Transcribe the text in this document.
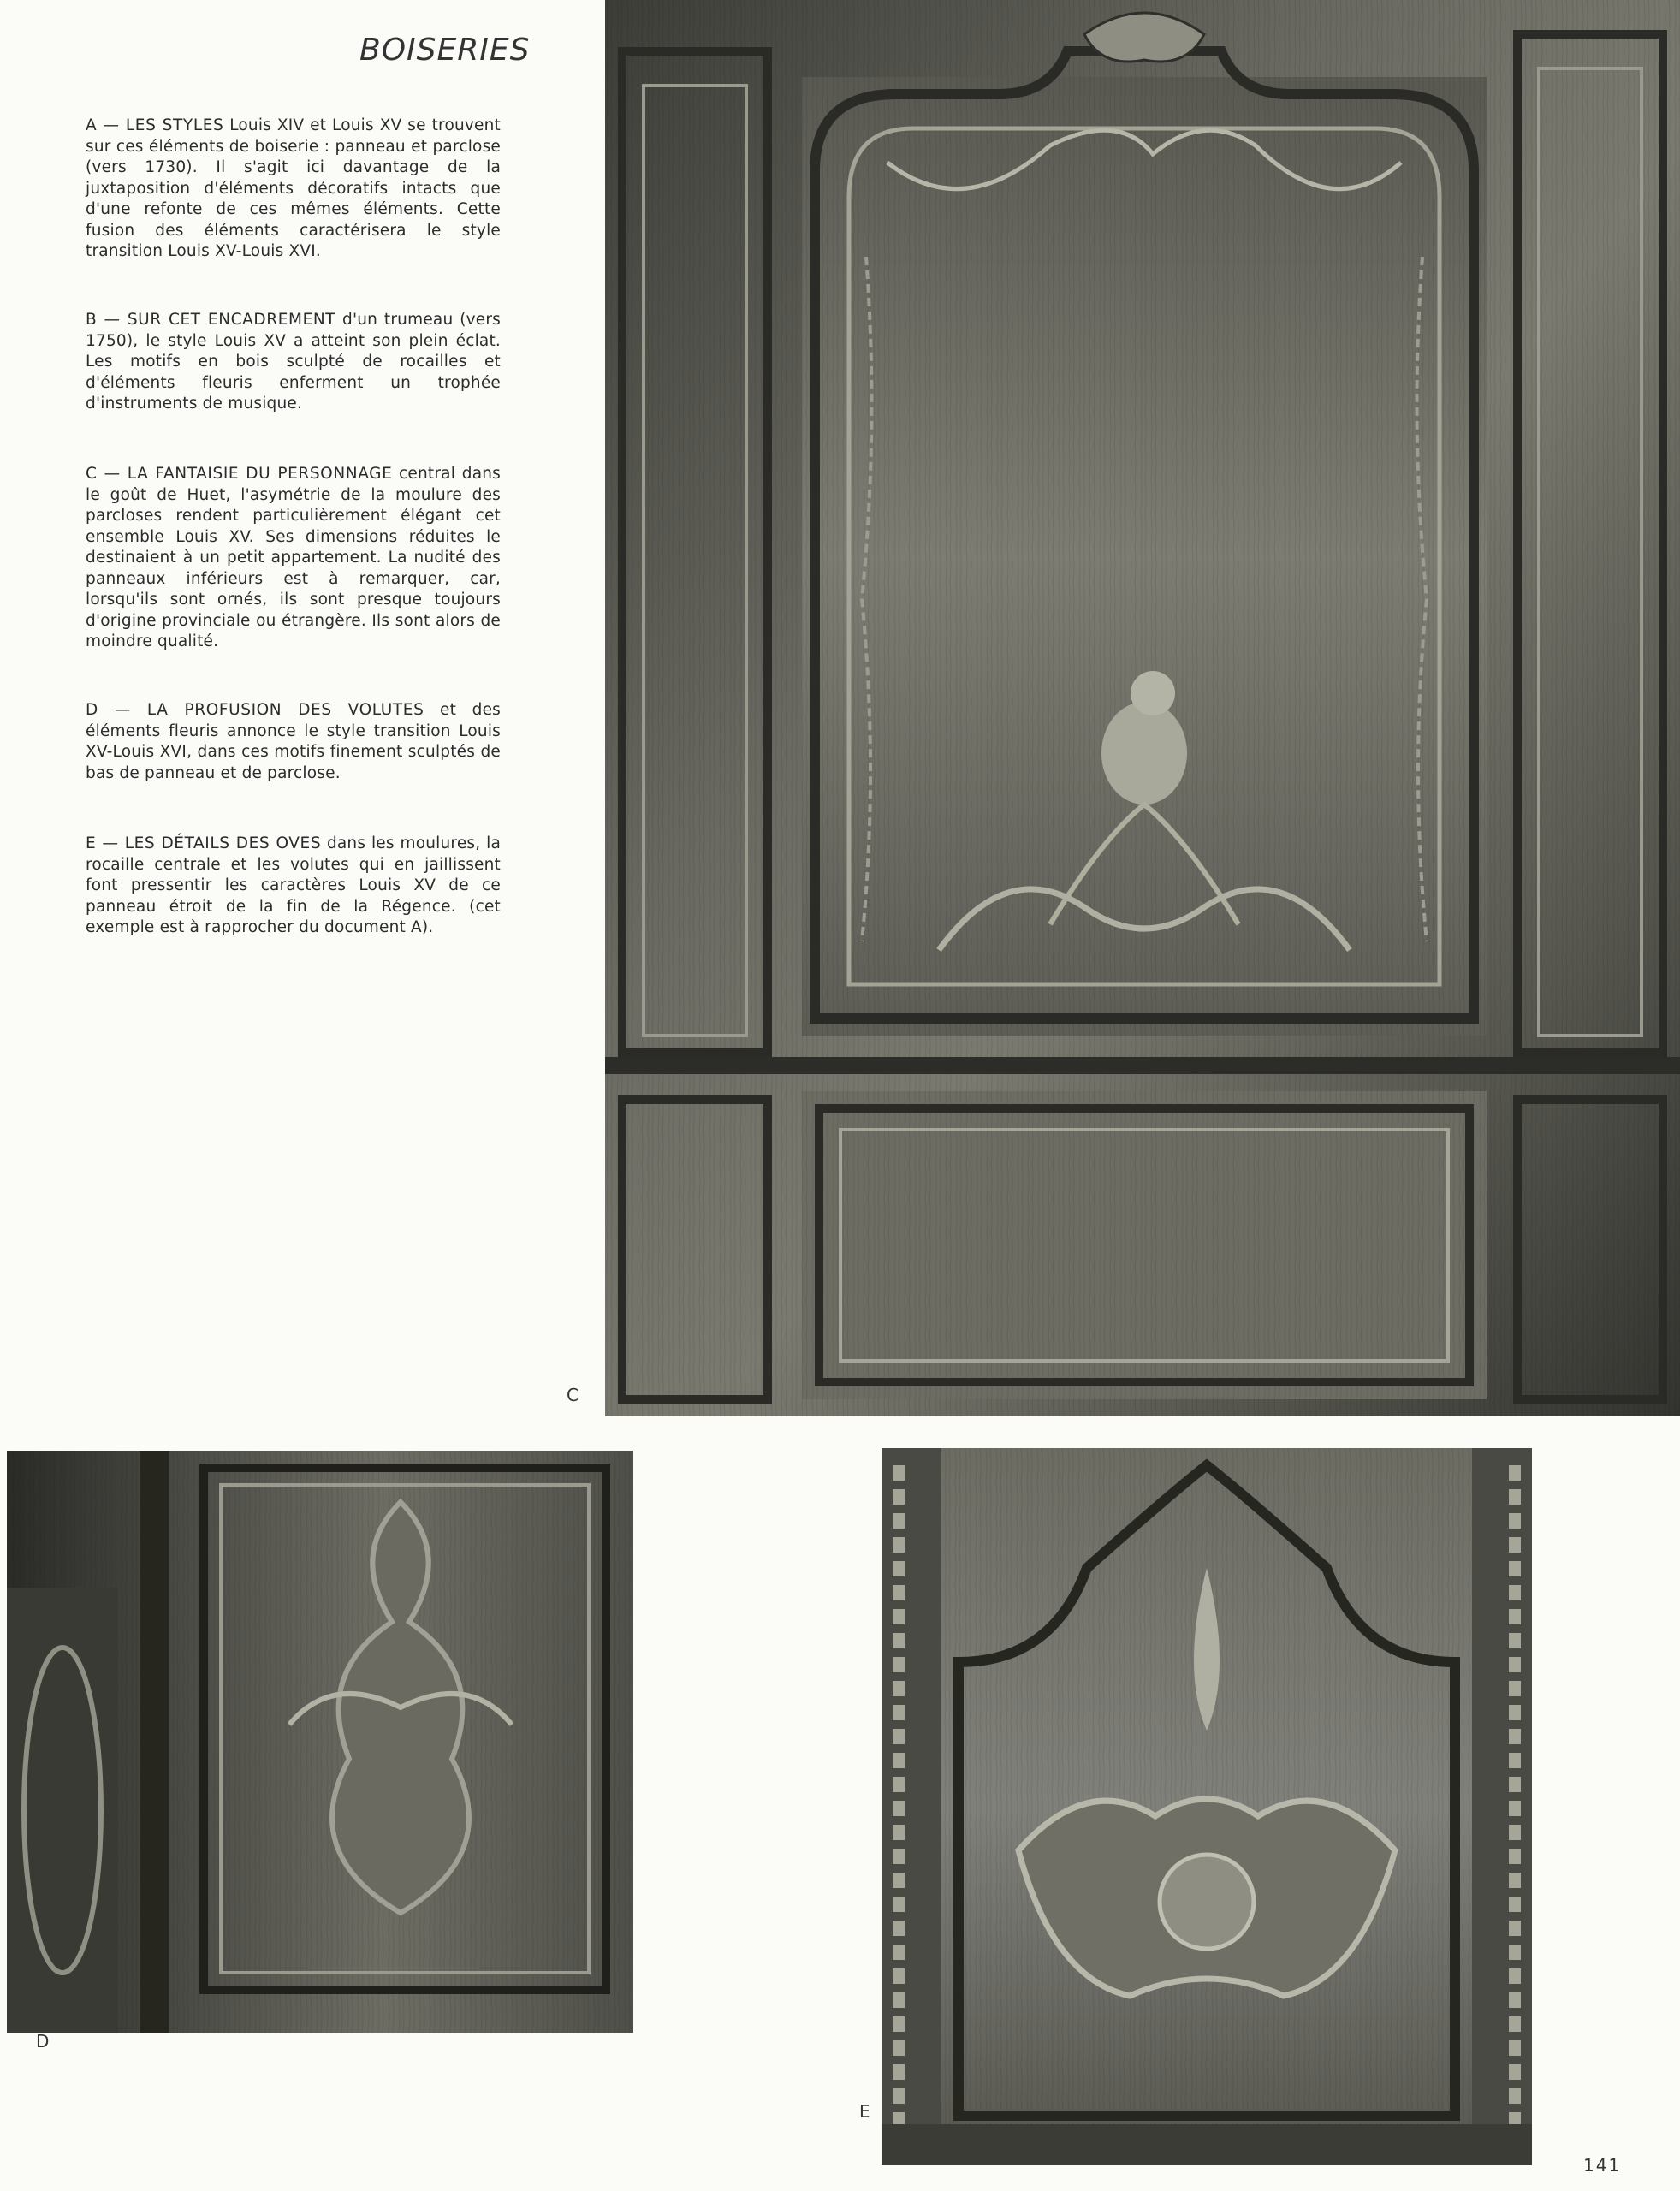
BOISERIES
A — LES STYLES Louis XIV et Louis XV se trouvent sur ces éléments de boiserie : panneau et parclose (vers 1730). Il s'agit ici davantage de la juxtaposition d'éléments décoratifs intacts que d'une refonte de ces mêmes éléments. Cette fusion des éléments caractérisera le style transition Louis XV-Louis XVI.
B — SUR CET ENCADREMENT d'un trumeau (vers 1750), le style Louis XV a atteint son plein éclat. Les motifs en bois sculpté de rocailles et d'éléments fleuris enferment un trophée d'instruments de musique.
C — LA FANTAISIE DU PERSONNAGE central dans le goût de Huet, l'asymétrie de la moulure des parcloses rendent particulièrement élégant cet ensemble Louis XV. Ses dimensions réduites le destinaient à un petit appartement. La nudité des panneaux inférieurs est à remarquer, car, lorsqu'ils sont ornés, ils sont presque toujours d'origine provinciale ou étrangère. Ils sont alors de moindre qualité.
D — LA PROFUSION DES VOLUTES et des éléments fleuris annonce le style transition Louis XV-Louis XVI, dans ces motifs finement sculptés de bas de panneau et de parclose.
E — LES DÉTAILS DES OVES dans les moulures, la rocaille centrale et les volutes qui en jaillissent font pressentir les caractères Louis XV de ce panneau étroit de la fin de la Régence. (cet exemple est à rapprocher du document A).
C
D
E
141
